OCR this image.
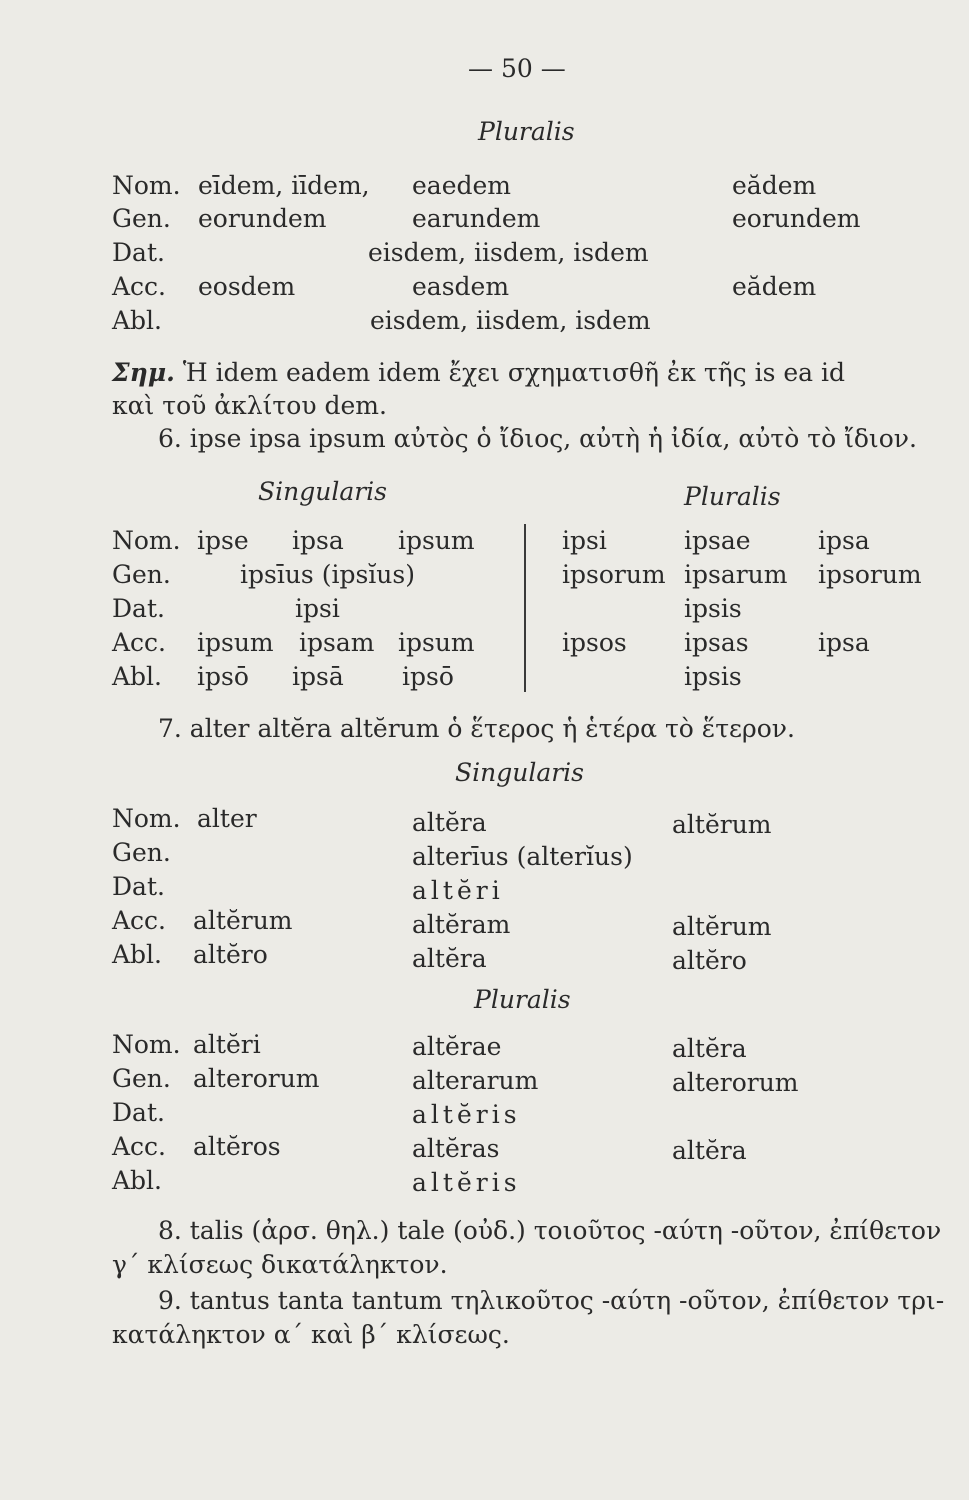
— 50 —
Pluralis
Nom. eīdem, iīdem, eaedem	eădem
Gen. eorundem	earundem	eorundem
Dat.	eisdem, iisdem, isdem
Acc. eosdem	easdem	eădem
Abl.	eisdem, iisdem, isdem
Σημ. Ἡ idem eadem idem ἔχει σχηματισθῆ ἐκ τῆς is ea id
καὶ τοῦ ἀκλίτου dem.
6. ipse ipsa ipsum αὐτὸς ὁ ἴδιος, αὐτὴ ἡ ἰδία, αὐτὸ τὸ ἴδιον.
Singularis	Pluralis
Nom. ipse ipsa ipsum	ipsi	ipsae	ipsa
Gen.	ipsīus (ipsĭus)	ipsorum ipsarum ipsorum
Dat.	ipsi	ipsis
Acc. ipsum ipsam ipsum	ipsos ipsas	ipsa
Abl. ipsō ipsā ipsō	ipsis
7. alter altĕra altĕrum ὁ ἕτερος ἡ ἑτέρα τὸ ἕτερον.
Singularis
Nom. alter	altĕra	altĕrum
Gen.	alterīus (alterĭus)
Dat.	altĕri
Acc. altĕrum	altĕram	altĕrum
Abl. altĕro	altĕra	altĕro
Pluralis
Nom. altĕri	altĕrae	altĕra
Gen. alterorum	alterarum	alterorum
Dat.	altĕris
Acc. altĕros	altĕras	altĕra
Abl.	altĕris
8. talis (ἀρσ. θηλ.) tale (οὐδ.) τοιοῦτος -αύτη -οῦτον, ἐπίθετον
γ΄ κλίσεως δικατάληκτον.
9. tantus tanta tantum τηλικοῦτος -αύτη -οῦτον, ἐπίθετον τρι-
κατάληκτον α΄ καὶ β΄ κλίσεως.
